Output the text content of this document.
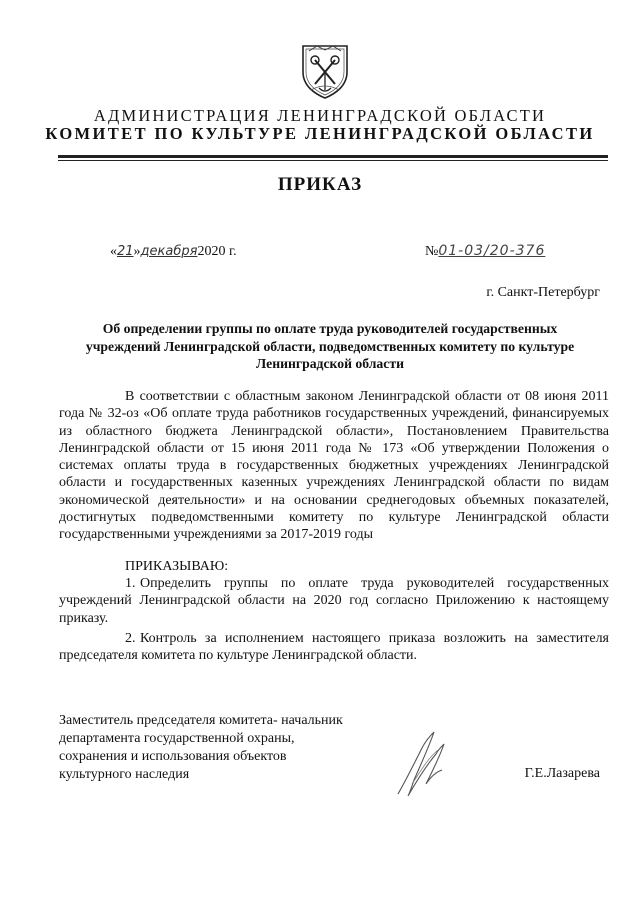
АДМИНИСТРАЦИЯ ЛЕНИНГРАДСКОЙ ОБЛАСТИ
КОМИТЕТ ПО КУЛЬТУРЕ ЛЕНИНГРАДСКОЙ ОБЛАСТИ
ПРИКАЗ
«21»декабря2020 г.	№01-03/20-376
г. Санкт-Петербург
Об определении группы по оплате труда руководителей государственных учреждений Ленинградской области, подведомственных комитету по культуре Ленинградской области

В соответствии с областным законом Ленинградской области от 08 июня 2011 года № 32-оз «Об оплате труда работников государственных учреждений, финансируемых из областного бюджета Ленинградской области», Постановлением Правительства Ленинградской области от 15 июня 2011 года № 173 «Об утверждении Положения о системах оплаты труда в государственных бюджетных учреждениях Ленинградской области и государственных казенных учреждениях Ленинградской области по видам экономической деятельности» и на основании среднегодовых объемных показателей, достигнутых подведомственными комитету по культуре Ленинградской области государственными учреждениями за 2017-2019 годы

ПРИКАЗЫВАЮ:
1. Определить группы по оплате труда руководителей государственных учреждений Ленинградской области на 2020 год согласно Приложению к настоящему приказу.
2. Контроль за исполнением настоящего приказа возложить на заместителя председателя комитета по культуре Ленинградской области.
Заместитель председателя комитета- начальник
департамента государственной охраны,
сохранения и использования объектов
культурного наследия	Г.Е.Лазарева
